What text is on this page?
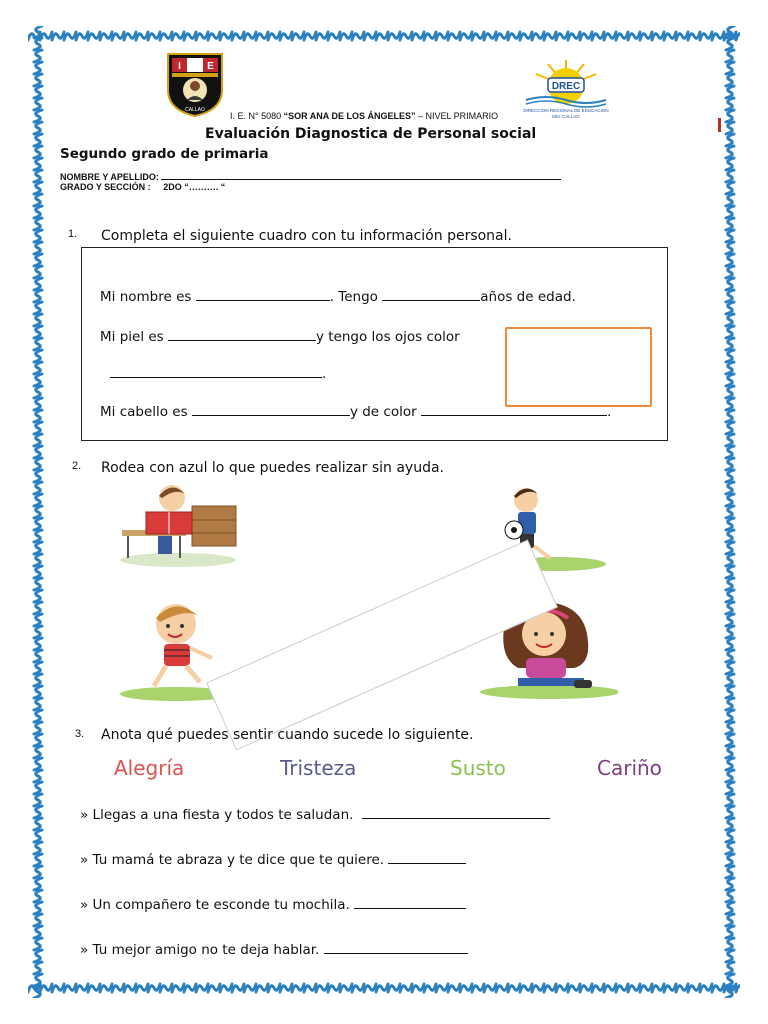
I	E
CALLAO
DREC
DIRECCION REGIONAL DE EDUCACION
DEL CALLAO
I. E. N° 5080 “SOR ANA DE LOS ÁNGELES” – NIVEL PRIMARIO
Evaluación Diagnostica de Personal social
Segundo grado de primaria
NOMBRE Y APELLIDO:
GRADO Y SECCIÓN : 2DO “………. “
1. Completa el siguiente cuadro con tu información personal.
Mi nombre es	. Tengo	años de edad.
Mi piel es	y tengo los ojos color
.
Mi cabello es	y de color	.
2. Rodea con azul lo que puedes realizar sin ayuda.
3. Anota qué puedes sentir cuando sucede lo siguiente.
Alegría	Tristeza	Susto	Cariño
» Llegas a una fiesta y todos te saludan.
» Tu mamá te abraza y te dice que te quiere.
» Un compañero te esconde tu mochila.
» Tu mejor amigo no te deja hablar.
